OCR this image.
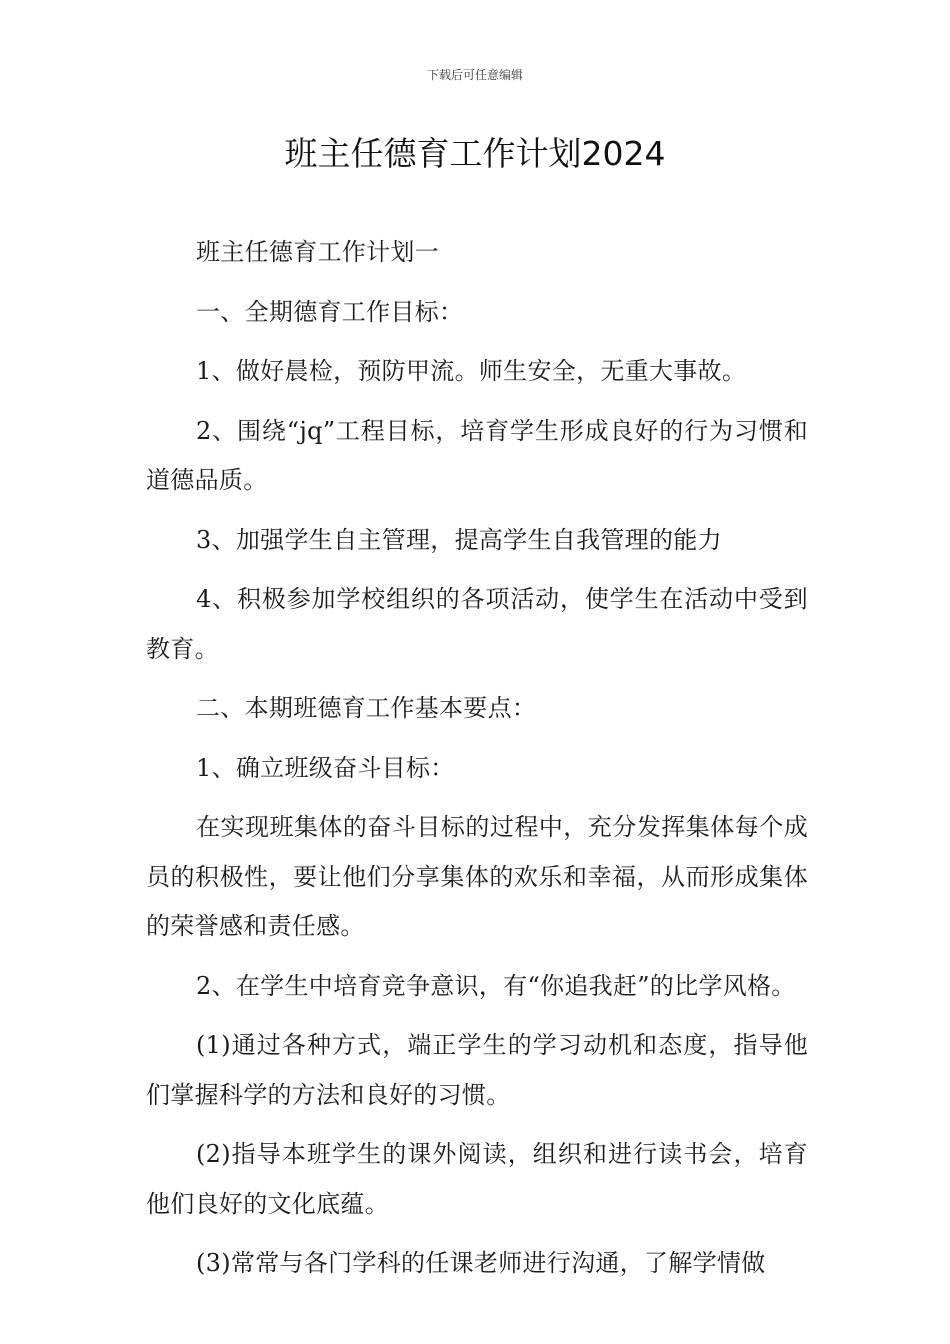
下载后可任意编辑
班主任德育工作计划2024

班主任德育工作计划一

一、全期德育工作目标：

1、做好晨检，预防甲流。师生安全，无重大事故。

2、围绕“jq”工程目标，培育学生形成良好的行为习惯和道德品质。

3、加强学生自主管理，提高学生自我管理的能力

4、积极参加学校组织的各项活动，使学生在活动中受到教育。

二、本期班德育工作基本要点：

1、确立班级奋斗目标：

在实现班集体的奋斗目标的过程中，充分发挥集体每个成员的积极性，要让他们分享集体的欢乐和幸福，从而形成集体的荣誉感和责任感。

2、在学生中培育竞争意识，有“你追我赶”的比学风格。

(1)通过各种方式，端正学生的学习动机和态度，指导他们掌握科学的方法和良好的习惯。

(2)指导本班学生的课外阅读，组织和进行读书会，培育他们良好的文化底蕴。

(3)常常与各门学科的任课老师进行沟通，了解学情做
